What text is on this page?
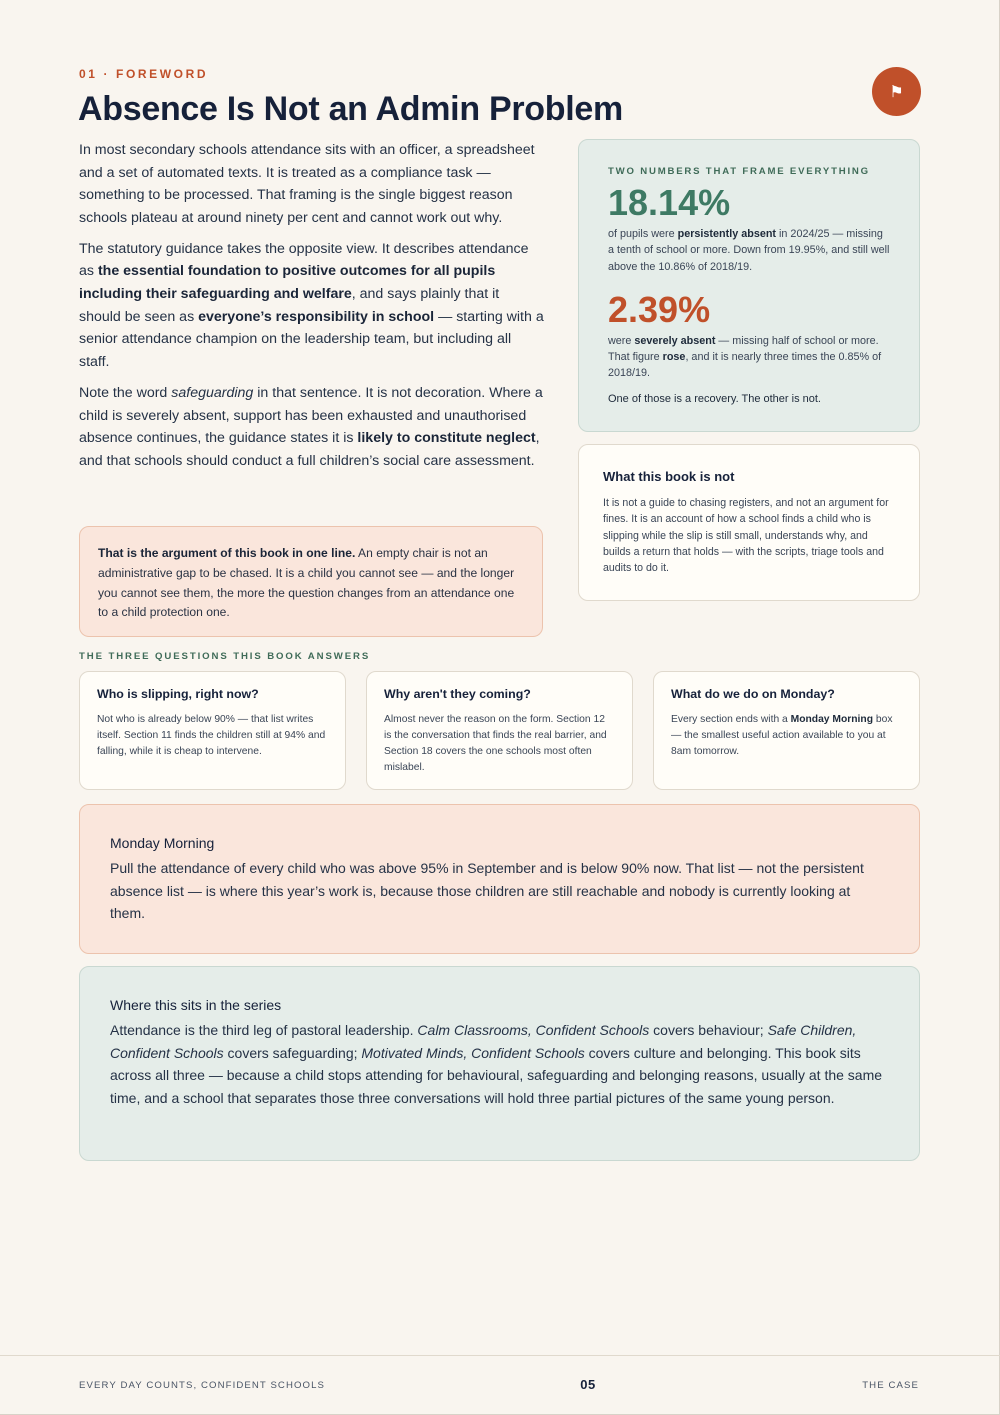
01 · FOREWORD
Absence Is Not an Admin Problem	⚑

In most secondary schools attendance sits with an officer, a spreadsheet and a set of automated texts. It is treated as a compliance task — something to be processed. That framing is the single biggest reason schools plateau at around ninety per cent and cannot work out why.

The statutory guidance takes the opposite view. It describes attendance as the essential foundation to positive outcomes for all pupils including their safeguarding and welfare, and says plainly that it should be seen as everyone’s responsibility in school — starting with a senior attendance champion on the leadership team, but including all staff.

Note the word safeguarding in that sentence. It is not decoration. Where a child is severely absent, support has been exhausted and unauthorised absence continues, the guidance states it is likely to constitute neglect, and that schools should conduct a full children’s social care assessment.

That is the argument of this book in one line. An empty chair is not an administrative gap to be chased. It is a child you cannot see — and the longer you cannot see them, the more the question changes from an attendance one to a child protection one.
TWO NUMBERS THAT FRAME EVERYTHING
18.14%
of pupils were persistently absent in 2024/25 — missing a tenth of school or more. Down from 19.95%, and still well above the 10.86% of 2018/19.
2.39%
were severely absent — missing half of school or more. That figure rose, and it is nearly three times the 0.85% of 2018/19.
One of those is a recovery. The other is not.
What this book is not
It is not a guide to chasing registers, and not an argument for fines. It is an account of how a school finds a child who is slipping while the slip is still small, understands why, and builds a return that holds — with the scripts, triage tools and audits to do it.
THE THREE QUESTIONS THIS BOOK ANSWERS
Who is slipping, right now?
Not who is already below 90% — that list writes itself. Section 11 finds the children still at 94% and falling, while it is cheap to intervene.
Why aren't they coming?
Almost never the reason on the form. Section 12 is the conversation that finds the real barrier, and Section 18 covers the one schools most often mislabel.
What do we do on Monday?
Every section ends with a Monday Morning box — the smallest useful action available to you at 8am tomorrow.
Monday Morning
Pull the attendance of every child who was above 95% in September and is below 90% now. That list — not the persistent absence list — is where this year’s work is, because those children are still reachable and nobody is currently looking at them.
Where this sits in the series
Attendance is the third leg of pastoral leadership. Calm Classrooms, Confident Schools covers behaviour; Safe Children, Confident Schools covers safeguarding; Motivated Minds, Confident Schools covers culture and belonging. This book sits across all three — because a child stops attending for behavioural, safeguarding and belonging reasons, usually at the same time, and a school that separates those three conversations will hold three partial pictures of the same young person.
EVERY DAY COUNTS, CONFIDENT SCHOOLS	05	THE CASE
